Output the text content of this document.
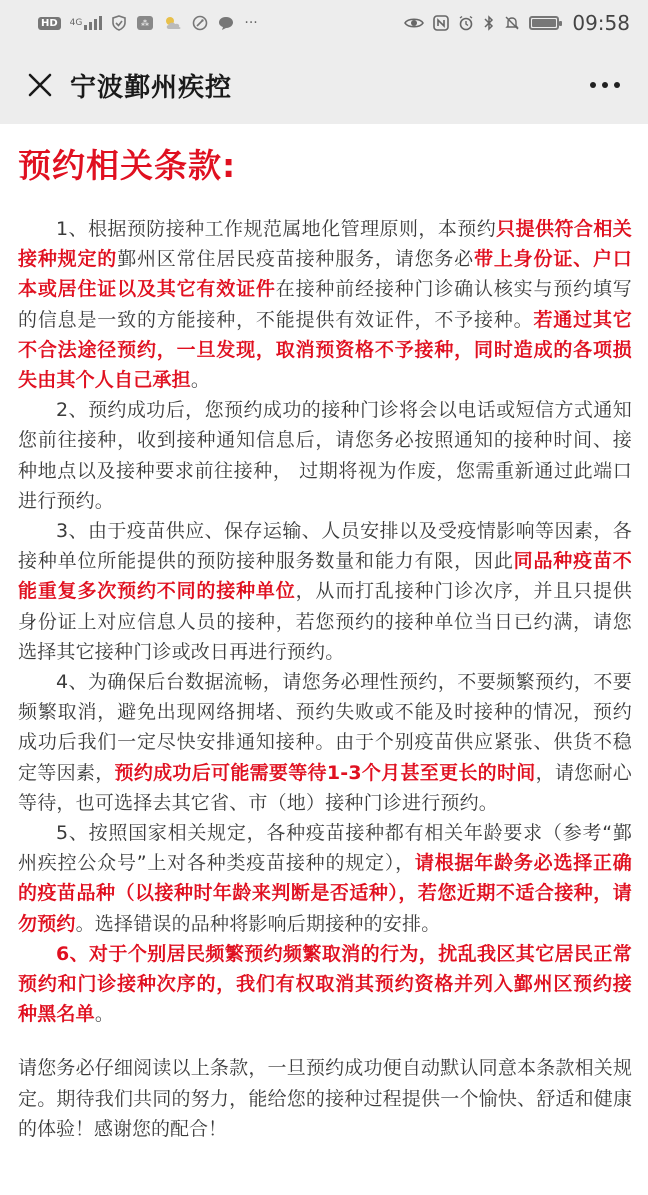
HD	4G	⁂	···	09:58
宁波鄞州疾控
预约相关条款:

1、根据预防接种工作规范属地化管理原则，本预约只提供符合相关接种规定的鄞州区常住居民疫苗接种服务，请您务必带上身份证、户口本或居住证以及其它有效证件在接种前经接种门诊确认核实与预约填写的信息是一致的方能接种，不能提供有效证件，不予接种。若通过其它不合法途径预约，一旦发现，取消预资格不予接种，同时造成的各项损失由其个人自己承担。

2、预约成功后，您预约成功的接种门诊将会以电话或短信方式通知您前往接种，收到接种通知信息后，请您务必按照通知的接种时间、接种地点以及接种要求前往接种， 过期将视为作废，您需重新通过此端口进行预约。

3、由于疫苗供应、保存运输、人员安排以及受疫情影响等因素，各接种单位所能提供的预防接种服务数量和能力有限，因此同品种疫苗不能重复多次预约不同的接种单位，从而打乱接种门诊次序，并且只提供身份证上对应信息人员的接种，若您预约的接种单位当日已约满，请您选择其它接种门诊或改日再进行预约。

4、为确保后台数据流畅，请您务必理性预约，不要频繁预约，不要频繁取消，避免出现网络拥堵、预约失败或不能及时接种的情况，预约成功后我们一定尽快安排通知接种。由于个别疫苗供应紧张、供货不稳定等因素，预约成功后可能需要等待1-3个月甚至更长的时间，请您耐心等待，也可选择去其它省、市（地）接种门诊进行预约。

5、按照国家相关规定，各种疫苗接种都有相关年龄要求（参考“鄞州疾控公众号”上对各种类疫苗接种的规定），请根据年龄务必选择正确的疫苗品种（以接种时年龄来判断是否适种），若您近期不适合接种，请勿预约。选择错误的品种将影响后期接种的安排。

6、对于个别居民频繁预约频繁取消的行为，扰乱我区其它居民正常预约和门诊接种次序的，我们有权取消其预约资格并列入鄞州区预约接种黑名单。

请您务必仔细阅读以上条款，一旦预约成功便自动默认同意本条款相关规定。期待我们共同的努力，能给您的接种过程提供一个愉快、舒适和健康的体验！感谢您的配合！
